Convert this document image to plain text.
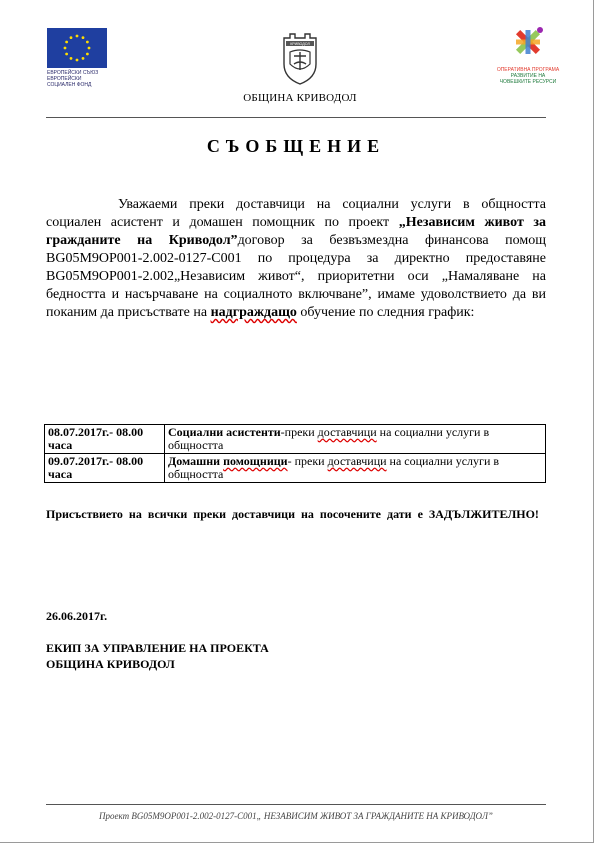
ЕВРОПЕЙСКИ СЪЮЗ
ЕВРОПЕЙСКИ
СОЦИАЛЕН ФОНД
КРИВОДОЛ
ОБЩИНА КРИВОДОЛ
ОПЕРАТИВНА ПРОГРАМА
РАЗВИТИЕ НА
ЧОВЕШКИТЕ РЕСУРСИ
СЪОБЩЕНИЕ

Уважаеми преки доставчици на социални услуги в общността социален асистент и домашен помощник по проект „Независим живот за гражданите на Криводол”договор за безвъзмездна финансова помощ BG05M9OP001-2.002-0127-C001 по процедура за директно предоставяне BG05M9OP001-2.002„Независим живот“, приоритетни оси „Намаляване на бедността и насърчаване на социалното включване”, имаме удоволствието да ви поканим да присъствате на надграждащо обучение по следния график:

08.07.2017г.- 08.00 часа	Социални асистенти-преки доставчици на социални услуги в общността
09.07.2017г.- 08.00 часа	Домашни помощници- преки доставчици на социални услуги в общността

Присъствието на всички преки доставчици на посочените дати е ЗАДЪЛЖИТЕЛНО!

26.06.2017г.
ЕКИП ЗА УПРАВЛЕНИЕ НА ПРОЕКТА
ОБЩИНА КРИВОДОЛ
Проект BG05M9OP001-2.002-0127-C001„ НЕЗАВИСИМ ЖИВОТ ЗА ГРАЖДАНИТЕ НА КРИВОДОЛ”
